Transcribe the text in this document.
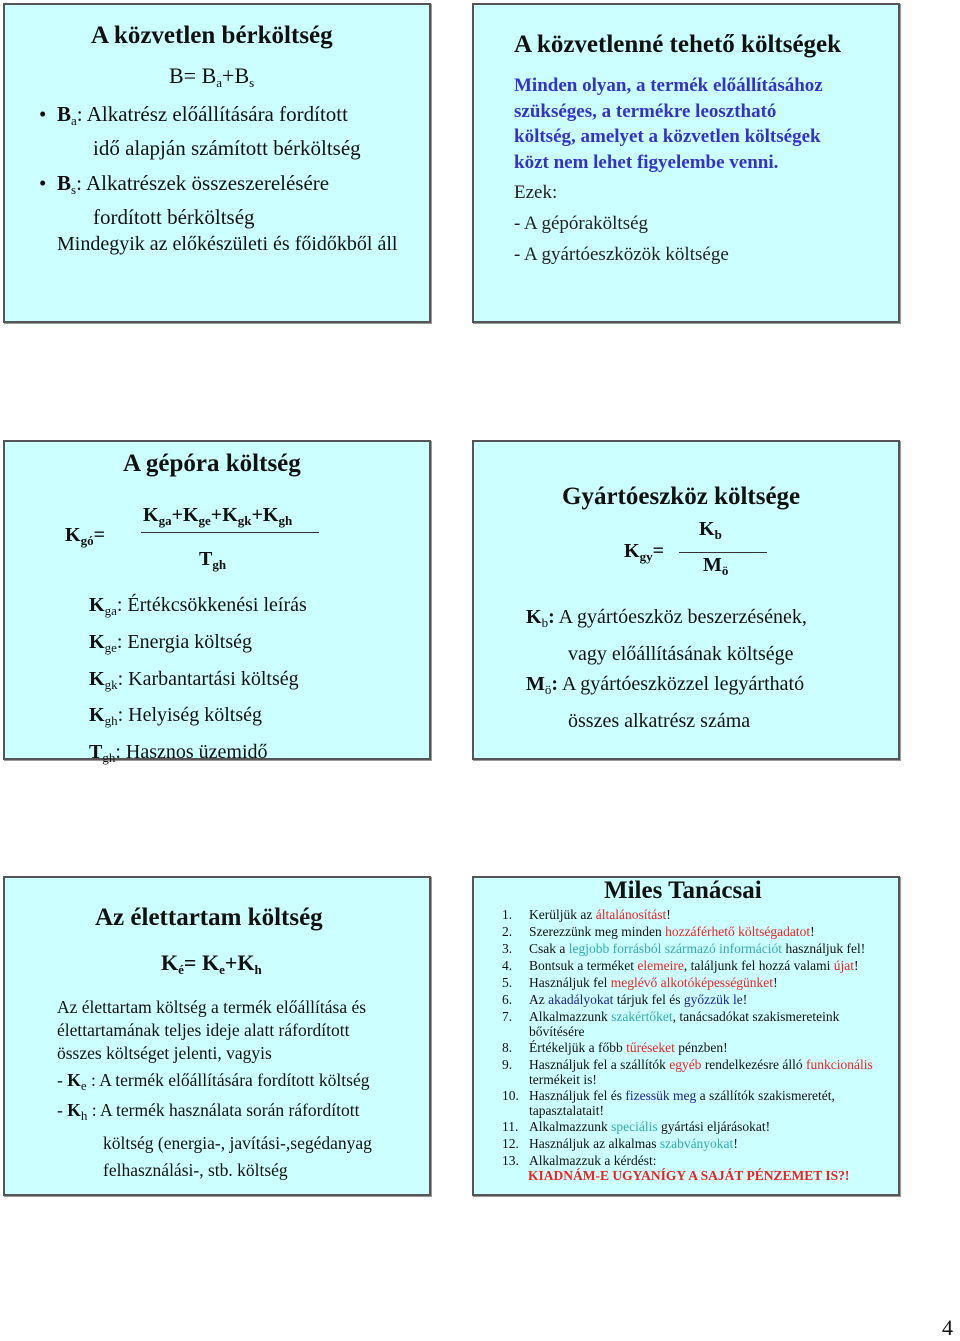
A közvetlen bérköltség
$B= B_a+B_s$
• $B_a$: Alkatrész előállítására fordított
idő alapján számított bérköltség
• $B_s$: Alkatrészek összeszerelésére
fordított bérköltség
Mindegyik az előkészületi és főidőkből áll
A közvetlenné tehető költségek
Minden olyan, a termék előállításához
szükséges, a termékre leosztható
költség, amelyet a közvetlen költségek
közt nem lehet figyelembe venni.
Ezek:
- A gépóraköltség
- A gyártóeszközök költsége
A gépóra költség
$K_{gó}=$
$K_{ga}+K_{ge}+K_{gk}+K_{gh}$
$T_{gh}$
$K_{ga}$: Értékcsökkenési leírás
$K_{ge}$: Energia költség
$K_{gk}$: Karbantartási költség
$K_{gh}$: Helyiség költség
$T_{gh}$: Hasznos üzemidő
Gyártóeszköz költsége
$K_{gy}=$
$K_b$
$M_ö$
$K_b$: A gyártóeszköz beszerzésének,
vagy előállításának költsége
$M_ö$: A gyártóeszközzel legyártható
összes alkatrész száma
Az élettartam költség
$K_é= K_e+K_h$
Az élettartam költség a termék előállítása és
élettartamának teljes ideje alatt ráfordított
összes költséget jelenti, vagyis
- $K_e$ : A termék előállítására fordított költség
- $K_h$ : A termék használata során ráfordított
költség (energia-, javítási-,segédanyag
felhasználási-, stb. költség
Miles Tanácsai
1.	Kerüljük az általánosítást!
2.	Szerezzünk meg minden hozzáférhető költségadatot!
3.	Csak a legjobb forrásból származó információt használjuk fel!
4.	Bontsuk a terméket elemeire, találjunk fel hozzá valami újat!
5.	Használjuk fel meglévő alkotóképességünket!
6.	Az akadályokat tárjuk fel és győzzük le!
7.	Alkalmazzunk szakértőket, tanácsadókat szakismereteink bővítésére
8.	Értékeljük a főbb tűréseket pénzben!
9.	Használjuk fel a szállítók egyéb rendelkezésre álló funkcionális termékeit is!
10. Használjuk fel és fizessük meg a szállítók szakismeretét, tapasztalatait!
11. Alkalmazzunk speciális gyártási eljárásokat!
12. Használjuk az alkalmas szabványokat!
13. Alkalmazzuk a kérdést:
KIADNÁM-E UGYANÍGY A SAJÁT PÉNZEMET IS?!
4
